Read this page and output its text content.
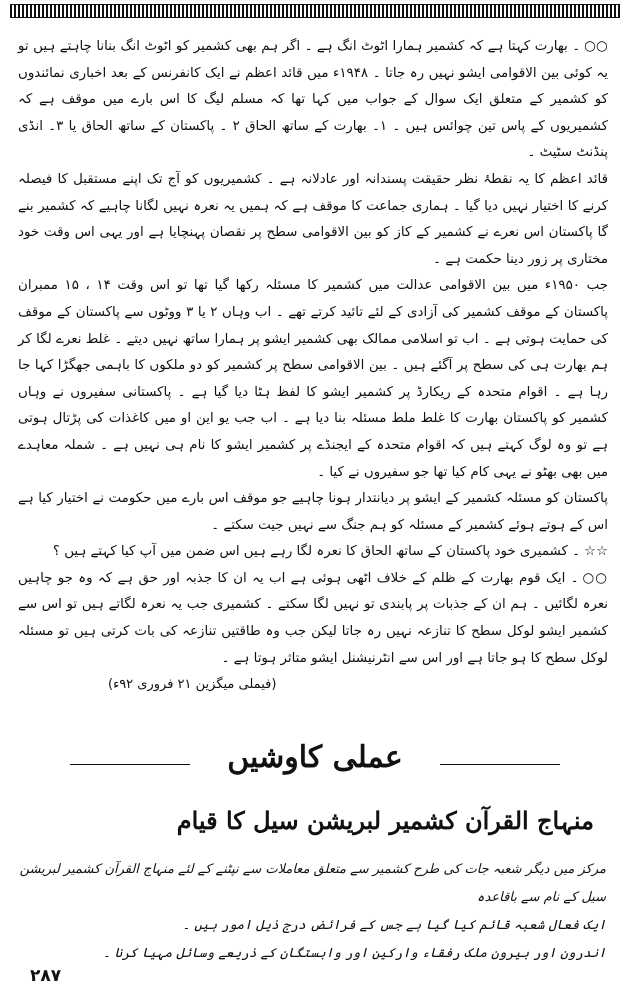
○○۔ بھارت کہتا ہے کہ کشمیر ہمارا اٹوٹ انگ ہے ۔ اگر ہم بھی کشمیر کو اٹوٹ انگ بنانا چاہتے ہیں تو یہ کوئی بین الاقوامی ایشو نہیں رہ جاتا ۔ ۱۹۴۸ء میں قائد اعظم نے ایک کانفرنس کے بعد اخباری نمائندوں کو کشمیر کے متعلق ایک سوال کے جواب میں کہا تھا کہ مسلم لیگ کا اس بارے میں موقف ہے کہ کشمیریوں کے پاس تین چوائس ہیں ۔ ۱۔ بھارت کے ساتھ الحاق ۲ ۔ پاکستان کے ساتھ الحاق یا ۳۔ انڈی پنڈنٹ سٹیٹ ۔

قائد اعظم کا یہ نقطۂ نظر حقیقت پسندانہ اور عادلانہ ہے ۔ کشمیریوں کو آج تک اپنے مستقبل کا فیصلہ کرنے کا اختیار نہیں دیا گیا ۔ ہماری جماعت کا موقف ہے کہ ہمیں یہ نعرہ نہیں لگانا چاہیے کہ کشمیر بنے گا پاکستان اس نعرے نے کشمیر کے کاز کو بین الاقوامی سطح پر نقصان پہنچایا ہے اور یہی اس وقت خود مختاری پر زور دینا حکمت ہے ۔

جب ۱۹۵۰ء میں بین الاقوامی عدالت میں کشمیر کا مسئلہ رکھا گیا تھا تو اس وقت ۱۴ ، ۱۵ ممبران پاکستان کے موقف کشمیر کی آزادی کے لئے تائید کرتے تھے ۔ اب وہاں ۲ یا ۳ ووٹوں سے پاکستان کے موقف کی حمایت ہوتی ہے ۔ اب تو اسلامی ممالک بھی کشمیر ایشو پر ہمارا ساتھ نہیں دیتے ۔ غلط نعرے لگا کر ہم بھارت ہی کی سطح پر آگئے ہیں ۔ بین الاقوامی سطح پر کشمیر کو دو ملکوں کا باہمی جھگڑا کہا جا رہا ہے ۔ اقوام متحدہ کے ریکارڈ پر کشمیر ایشو کا لفظ ہٹا دیا گیا ہے ۔ پاکستانی سفیروں نے وہاں کشمیر کو پاکستان بھارت کا غلط ملط مسئلہ بنا دیا ہے ۔ اب جب یو این او میں کاغذات کی پڑتال ہوتی ہے تو وہ لوگ کہتے ہیں کہ اقوام متحدہ کے ایجنڈے پر کشمیر ایشو کا نام ہی نہیں ہے ۔ شملہ معاہدے میں بھی بھٹو نے یہی کام کیا تھا جو سفیروں نے کیا ۔

پاکستان کو مسئلہ کشمیر کے ایشو پر دیانتدار ہونا چاہیے جو موقف اس بارے میں حکومت نے اختیار کیا ہے اس کے ہوتے ہوئے کشمیر کے مسئلہ کو ہم جنگ سے نہیں جیت سکتے ۔

☆☆۔ کشمیری خود پاکستان کے ساتھ الحاق کا نعرہ لگا رہے ہیں اس ضمن میں آپ کیا کہتے ہیں ؟

○○۔ ایک قوم بھارت کے ظلم کے خلاف اٹھی ہوئی ہے اب یہ ان کا جذبہ اور حق ہے کہ وہ جو چاہیں نعرہ لگائیں ۔ ہم ان کے جذبات پر پابندی تو نہیں لگا سکتے ۔ کشمیری جب یہ نعرہ لگاتے ہیں تو اس سے کشمیر ایشو لوکل سطح کا تنازعہ نہیں رہ جاتا لیکن جب وہ طاقتیں تنازعہ کی بات کرتی ہیں تو مسئلہ لوکل سطح کا ہو جاتا ہے اور اس سے انٹرنیشنل ایشو متاثر ہوتا ہے ۔

(فیملی میگزین ۲۱ فروری ۹۲ء)
عملی کاوشیں
منہاج القرآن کشمیر لبریشن سیل کا قیام

مرکز میں دیگر شعبہ جات کی طرح کشمیر سے متعلق معاملات سے نپٹنے کے لئے منہاج القرآن کشمیر لبریشن سیل کے نام سے باقاعدہ

ایک فعال شعبہ قائم کیا گیا ہے جس کے فرائض درج ذیل امور ہیں ۔

اندرون اور بیرون ملک رفقاء وارکین اور وابستگان کے ذریعے وسائل مہیا کرنا ۔

۲۸۷
